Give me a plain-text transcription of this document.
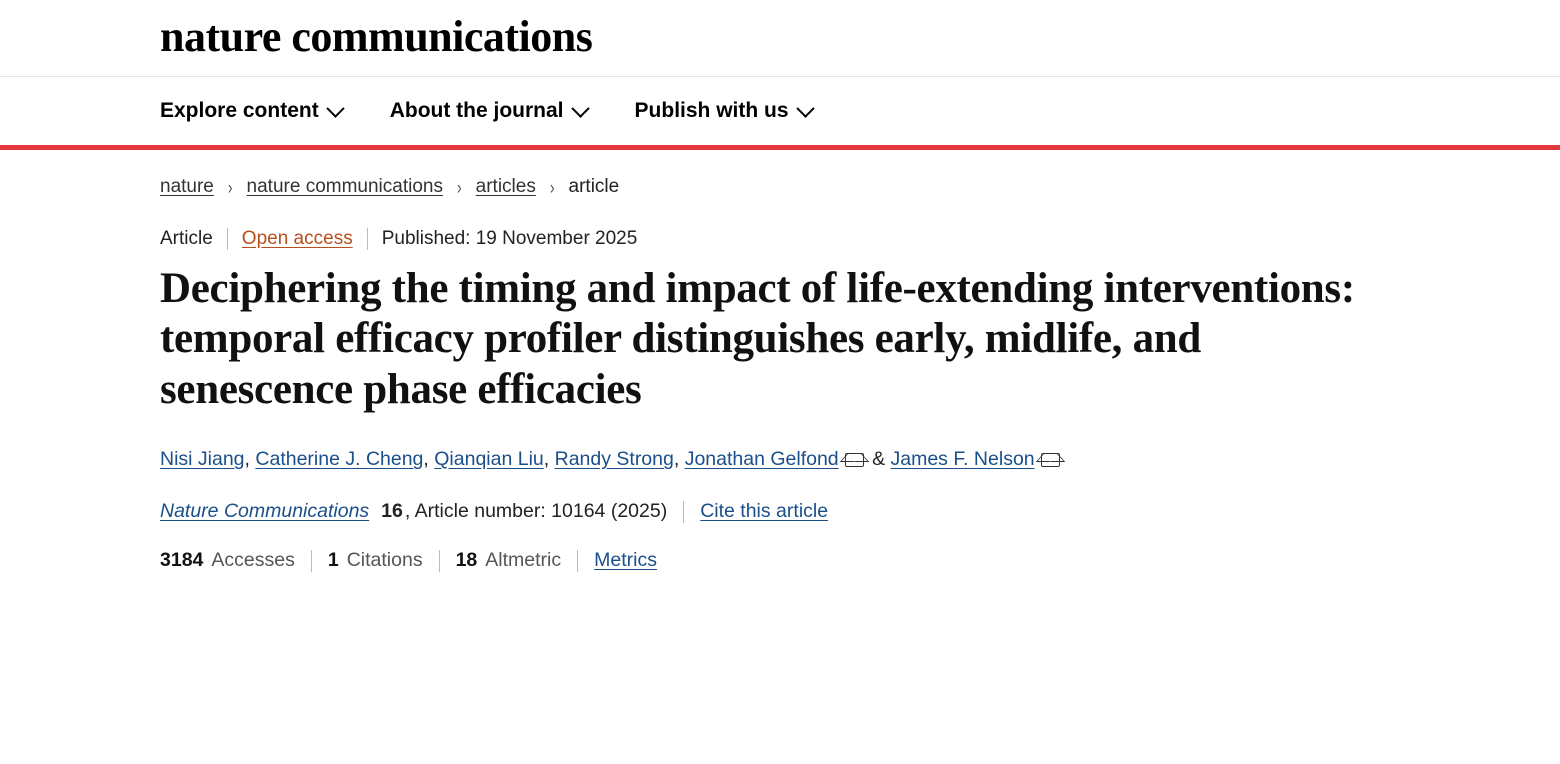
nature communications
Explore content	About the journal	Publish with us
nature › nature communications › articles › article
Article Open access Published: 19 November 2025
Deciphering the timing and impact of life-extending interventions: temporal efficacy profiler distinguishes early, midlife, and senescence phase efficacies
Nisi Jiang, Catherine J. Cheng, Qianqian Liu, Randy Strong, Jonathan Gelfond & James F. Nelson
Nature Communications 16 , Article number: 10164 (2025) Cite this article
3184 Accesses 1 Citations 18 Altmetric Metrics
